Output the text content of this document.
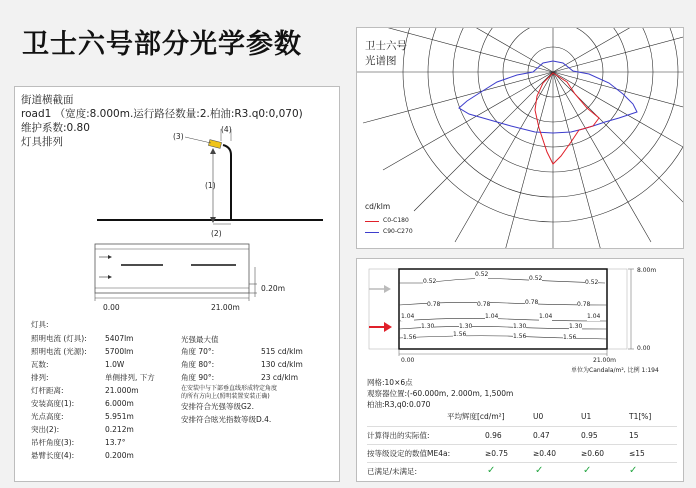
卫士六号部分光学参数
街道横截面
road1 （宽度:8.000m.运行路径数量:2.柏油:R3.q0:0,070)
维护系数:0.80
灯具排列
(1)
(2)
(3)
(4)
0.00	21.00m
0.20m
灯具:
照明电流 (灯具): 5407lm
照明电流 (光源): 5700lm
瓦数:	1.0W
排列:	单侧排列, 下方
灯杆距离:	21.000m
安装高度(1):	6.000m
光点高度:	5.951m
突出(2):	0.212m
吊杆角度(3):	13.7°
悬臂长度(4):	0.200m
光强最大值
角度 70°:	515 cd/klm
角度 80°:	130 cd/klm
角度 90°:	23 cd/klm
在安装中与下部垂直线形成特定角度的所有方向上(照明装置安装正确)
安排符合光强等级G2.
安排符合眩光指数等级D.4.
卫士六号
光谱图
cd/klm
C0-C180
C90-C270
0.52
0.52
0.52
0.52
0.78	0.78	0.78	0.78
1.04	1.04	1.04	1.04
1.30	1.30	1.30	1.30
1.56	1.56	1.56	1.56
8.00m
0.00
0.00	21.00m
单位为Candala/m², 比例 1:194
网格:10×6点
观察器位置:(-60.000m, 2.000m, 1,500m
柏油:R3,q0:0.070
平均辉度[cd/m²]	U0	U1	T1[%]
计算得出的实际值:	0.96	0.47	0.95	15
按等级设定的数值ME4a:	≥0.75	≥0.40	≥0.60	≤15
已满足/未满足:	✓	✓	✓	✓
